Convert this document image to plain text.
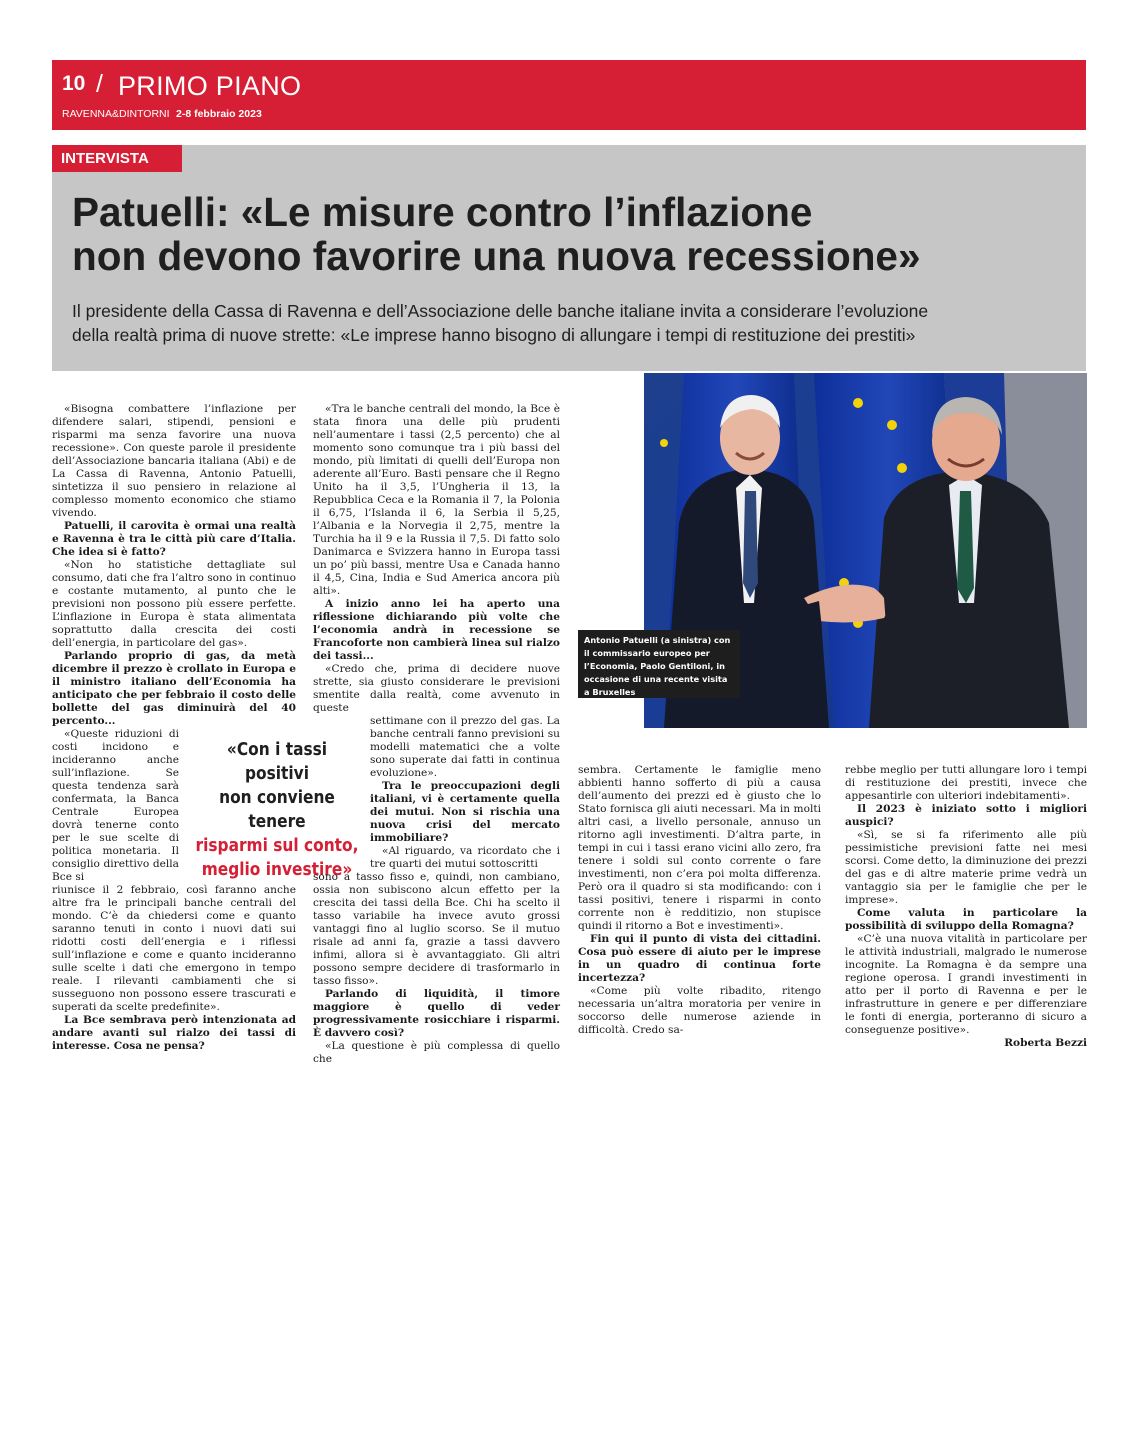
10 / PRIMO PIANO
RAVENNA&DINTORNI 2-8 febbraio 2023
INTERVISTA
Patuelli: «Le misure contro l’inflazione
non devono favorire una nuova recessione»
Il presidente della Cassa di Ravenna e dell’Associazione delle banche italiane invita a considerare l’evoluzione
della realtà prima di nuove strette: «Le imprese hanno bisogno di allungare i tempi di restituzione dei prestiti»
Antonio Patuelli (a sinistra) con il commissario europeo per l’Economia, Paolo Gentiloni, in occasione di una recente visita a Bruxelles
«Con i tassi positivi
non conviene tenere
risparmi sul conto,
meglio investire»

«Bisogna combattere l’inflazione per difendere salari, stipendi, pensioni e risparmi ma senza favorire una nuova recessione». Con queste parole il presidente dell’Associazione bancaria italiana (Abi) e de La Cassa di Ravenna, Antonio Patuelli, sintetizza il suo pensiero in relazione al complesso momento economico che stiamo vivendo.

Patuelli, il carovita è ormai una realtà e Ravenna è tra le città più care d’Italia. Che idea si è fatto?

«Non ho statistiche dettagliate sul consumo, dati che fra l’altro sono in continuo e costante mutamento, al punto che le previsioni non possono più essere perfette. L’inflazione in Europa è stata alimentata soprattutto dalla crescita dei costi dell’energia, in particolare del gas».

Parlando proprio di gas, da metà dicembre il prezzo è crollato in Europa e il ministro italiano dell’Economia ha anticipato che per febbraio il costo delle bollette del gas diminuirà del 40 percento...

«Queste riduzioni di costi incidono e incideranno anche sull’inflazione. Se questa tendenza sarà confermata, la Banca Centrale Europea dovrà tenerne conto per le sue scelte di politica monetaria. Il consiglio direttivo della Bce si

riunisce il 2 febbraio, così faranno anche altre fra le principali banche centrali del mondo. C’è da chiedersi come e quanto saranno tenuti in conto i nuovi dati sui ridotti costi dell’energia e i riflessi sull’inflazione e come e quanto incideranno sulle scelte i dati che emergono in tempo reale. I rilevanti cambiamenti che si susseguono non possono essere trascurati e superati da scelte predefinite».

La Bce sembrava però intenzionata ad andare avanti sul rialzo dei tassi di interesse. Cosa ne pensa?

«Tra le banche centrali del mondo, la Bce è stata finora una delle più prudenti nell’aumentare i tassi (2,5 percento) che al momento sono comunque tra i più bassi del mondo, più limitati di quelli dell’Europa non aderente all’Euro. Basti pensare che il Regno Unito ha il 3,5, l’Ungheria il 13, la Repubblica Ceca e la Romania il 7, la Polonia il 6,75, l’Islanda il 6, la Serbia il 5,25, l’Albania e la Norvegia il 2,75, mentre la Turchia ha il 9 e la Russia il 7,5. Di fatto solo Danimarca e Svizzera hanno in Europa tassi un po’ più bassi, mentre Usa e Canada hanno il 4,5, Cina, India e Sud America ancora più alti».

A inizio anno lei ha aperto una riflessione dichiarando più volte che l’economia andrà in recessione se Francoforte non cambierà linea sul rialzo dei tassi...

«Credo che, prima di decidere nuove strette, sia giusto considerare le previsioni smentite dalla realtà, come avvenuto in queste

settimane con il prezzo del gas. La banche centrali fanno previsioni su modelli matematici che a volte sono superate dai fatti in continua evoluzione».

Tra le preoccupazioni degli italiani, vi è certamente quella dei mutui. Non si rischia una nuova crisi del mercato immobiliare?

«Al riguardo, va ricordato che i tre quarti dei mutui sottoscritti

sono a tasso fisso e, quindi, non cambiano, ossia non subiscono alcun effetto per la crescita dei tassi della Bce. Chi ha scelto il tasso variabile ha invece avuto grossi vantaggi fino al luglio scorso. Se il mutuo risale ad anni fa, grazie a tassi davvero infimi, allora si è avvantaggiato. Gli altri possono sempre decidere di trasformarlo in tasso fisso».

Parlando di liquidità, il timore maggiore è quello di veder progressivamente rosicchiare i risparmi. È davvero così?

«La questione è più complessa di quello che

sembra. Certamente le famiglie meno abbienti hanno sofferto di più a causa dell’aumento dei prezzi ed è giusto che lo Stato fornisca gli aiuti necessari. Ma in molti altri casi, a livello personale, annuso un ritorno agli investimenti. D’altra parte, in tempi in cui i tassi erano vicini allo zero, fra tenere i soldi sul conto corrente o fare investimenti, non c’era poi molta differenza. Però ora il quadro si sta modificando: con i tassi positivi, tenere i risparmi in conto corrente non è redditizio, non stupisce quindi il ritorno a Bot e investimenti».

Fin qui il punto di vista dei cittadini. Cosa può essere di aiuto per le imprese in un quadro di continua forte incertezza?

«Come più volte ribadito, ritengo necessaria un’altra moratoria per venire in soccorso delle numerose aziende in difficoltà. Credo sa-

rebbe meglio per tutti allungare loro i tempi di restituzione dei prestiti, invece che appesantirle con ulteriori indebitamenti».

Il 2023 è iniziato sotto i migliori auspici?

«Sì, se si fa riferimento alle più pessimistiche previsioni fatte nei mesi scorsi. Come detto, la diminuzione dei prezzi del gas e di altre materie prime vedrà un vantaggio sia per le famiglie che per le imprese».

Come valuta in particolare la possibilità di sviluppo della Romagna?

«C’è una nuova vitalità in particolare per le attività industriali, malgrado le numerose incognite. La Romagna è da sempre una regione operosa. I grandi investimenti in atto per il porto di Ravenna e per le infrastrutture in genere e per differenziare le fonti di energia, porteranno di sicuro a conseguenze positive».

Roberta Bezzi
